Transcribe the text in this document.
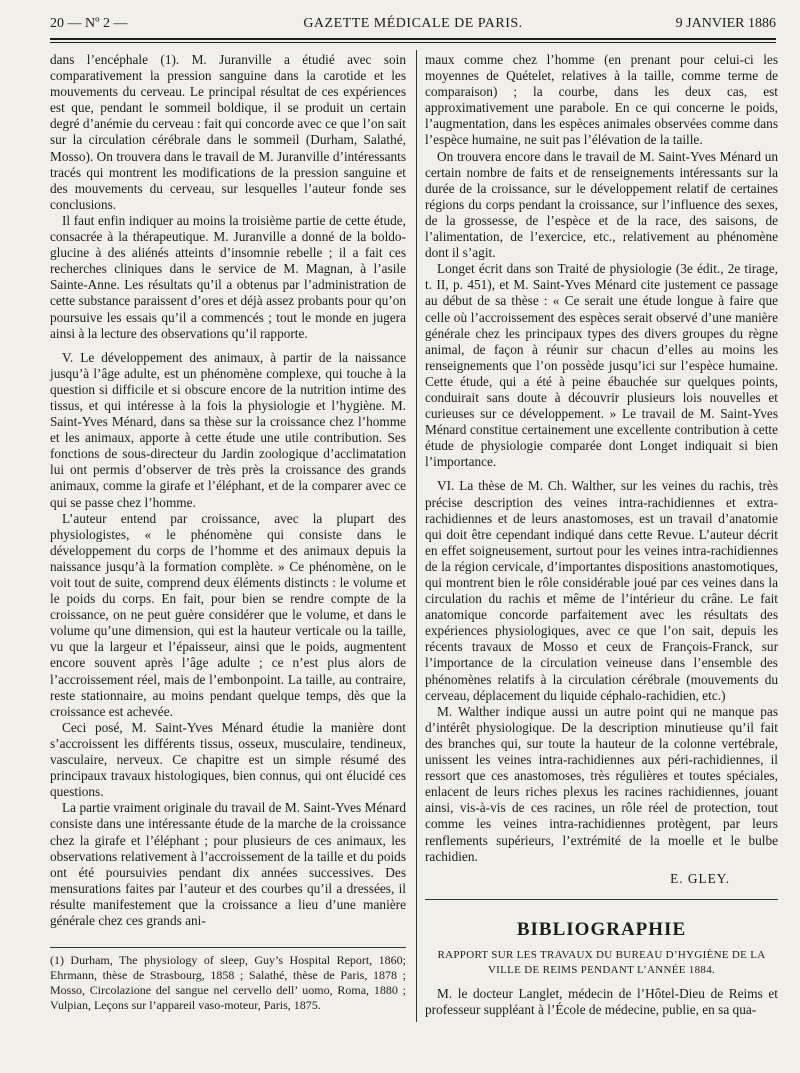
20 — Nº 2 —	GAZETTE MÉDICALE DE PARIS.	9 JANVIER 1886

dans l’encéphale (1). M. Juranville a étudié avec soin comparativement la pression sanguine dans la carotide et les mouvements du cerveau. Le principal résultat de ces expériences est que, pendant le sommeil boldique, il se produit un certain degré d’anémie du cerveau : fait qui concorde avec ce que l’on sait sur la circulation cérébrale dans le sommeil (Durham, Salathé, Mosso). On trouvera dans le travail de M. Juranville d’intéressants tracés qui montrent les modifications de la pression sanguine et des mouvements du cerveau, sur lesquelles l’auteur fonde ses conclusions.

Il faut enfin indiquer au moins la troisième partie de cette étude, consacrée à la thérapeutique. M. Juranville a donné de la boldo-glucine à des aliénés atteints d’insomnie rebelle ; il a fait ces recherches cliniques dans le service de M. Magnan, à l’asile Sainte-Anne. Les résultats qu’il a obtenus par l’administration de cette substance paraissent d’ores et déjà assez probants pour qu’on poursuive les essais qu’il a commencés ; tout le monde en jugera ainsi à la lecture des observations qu’il rapporte.

V. Le développement des animaux, à partir de la naissance jusqu’à l’âge adulte, est un phénomène complexe, qui touche à la question si difficile et si obscure encore de la nutrition intime des tissus, et qui intéresse à la fois la physiologie et l’hygiène. M. Saint-Yves Ménard, dans sa thèse sur la croissance chez l’homme et les animaux, apporte à cette étude une utile contribution. Ses fonctions de sous-directeur du Jardin zoologique d’acclimatation lui ont permis d’observer de très près la croissance des grands animaux, comme la girafe et l’éléphant, et de la comparer avec ce qui se passe chez l’homme.

L’auteur entend par croissance, avec la plupart des physiologistes, « le phénomène qui consiste dans le développement du corps de l’homme et des animaux depuis la naissance jusqu’à la formation complète. » Ce phénomène, on le voit tout de suite, comprend deux éléments distincts : le volume et le poids du corps. En fait, pour bien se rendre compte de la croissance, on ne peut guère considérer que le volume, et dans le volume qu’une dimension, qui est la hauteur verticale ou la taille, vu que la largeur et l’épaisseur, ainsi que le poids, augmentent encore souvent après l’âge adulte ; ce n’est plus alors de l’accroissement réel, mais de l’embonpoint. La taille, au contraire, reste stationnaire, au moins pendant quelque temps, dès que la croissance est achevée.

Ceci posé, M. Saint-Yves Ménard étudie la manière dont s’accroissent les différents tissus, osseux, musculaire, tendineux, vasculaire, nerveux. Ce chapitre est un simple résumé des principaux travaux histologiques, bien connus, qui ont élucidé ces questions.

La partie vraiment originale du travail de M. Saint-Yves Ménard consiste dans une intéressante étude de la marche de la croissance chez la girafe et l’éléphant ; pour plusieurs de ces animaux, les observations relativement à l’accroissement de la taille et du poids ont été poursuivies pendant dix années successives. Des mensurations faites par l’auteur et des courbes qu’il a dressées, il résulte manifestement que la croissance a lieu d’une manière générale chez ces grands ani-

(1) Durham, The physiology of sleep, Guy’s Hospital Report, 1860; Ehrmann, thèse de Strasbourg, 1858 ; Salathé, thèse de Paris, 1878 ; Mosso, Circolazione del sangue nel cervello dell’ uomo, Roma, 1880 ; Vulpian, Leçons sur l’appareil vaso-moteur, Paris, 1875.

maux comme chez l’homme (en prenant pour celui-ci les moyennes de Quételet, relatives à la taille, comme terme de comparaison) ; la courbe, dans les deux cas, est approximativement une parabole. En ce qui concerne le poids, l’augmentation, dans les espèces animales observées comme dans l’espèce humaine, ne suit pas l’élévation de la taille.

On trouvera encore dans le travail de M. Saint-Yves Ménard un certain nombre de faits et de renseignements intéressants sur la durée de la croissance, sur le développement relatif de certaines régions du corps pendant la croissance, sur l’influence des sexes, de la grossesse, de l’espèce et de la race, des saisons, de l’alimentation, de l’exercice, etc., relativement au phénomène dont il s’agit.

Longet écrit dans son Traité de physiologie (3e édit., 2e tirage, t. II, p. 451), et M. Saint-Yves Ménard cite justement ce passage au début de sa thèse : « Ce serait une étude longue à faire que celle où l’accroissement des espèces serait observé d’une manière générale chez les principaux types des divers groupes du règne animal, de façon à réunir sur chacun d’elles au moins les renseignements que l’on possède jusqu’ici sur l’espèce humaine. Cette étude, qui a été à peine ébauchée sur quelques points, conduirait sans doute à découvrir plusieurs lois nouvelles et curieuses sur ce développement. » Le travail de M. Saint-Yves Ménard constitue certainement une excellente contribution à cette étude de physiologie comparée dont Longet indiquait si bien l’importance.

VI. La thèse de M. Ch. Walther, sur les veines du rachis, très précise description des veines intra-rachidiennes et extra-rachidiennes et de leurs anastomoses, est un travail d’anatomie qui doit être cependant indiqué dans cette Revue. L’auteur décrit en effet soigneusement, surtout pour les veines intra-rachidiennes de la région cervicale, d’importantes dispositions anastomotiques, qui montrent bien le rôle considérable joué par ces veines dans la circulation du rachis et même de l’intérieur du crâne. Le fait anatomique concorde parfaitement avec les résultats des expériences physiologiques, avec ce que l’on sait, depuis les récents travaux de Mosso et ceux de François-Franck, sur l’importance de la circulation veineuse dans l’ensemble des phénomènes relatifs à la circulation cérébrale (mouvements du cerveau, déplacement du liquide céphalo-rachidien, etc.)

M. Walther indique aussi un autre point qui ne manque pas d’intérêt physiologique. De la description minutieuse qu’il fait des branches qui, sur toute la hauteur de la colonne vertébrale, unissent les veines intra-rachidiennes aux péri-rachidiennes, il ressort que ces anastomoses, très régulières et toutes spéciales, enlacent de leurs riches plexus les racines rachidiennes, jouant ainsi, vis-à-vis de ces racines, un rôle réel de protection, tout comme les veines intra-rachidiennes protègent, par leurs renflements supérieurs, l’extrémité de la moelle et le bulbe rachidien.

E. GLEY.
BIBLIOGRAPHIE
RAPPORT SUR LES TRAVAUX DU BUREAU D’HYGIÈNE DE LA VILLE DE REIMS PENDANT L’ANNÉE 1884.

M. le docteur Langlet, médecin de l’Hôtel-Dieu de Reims et professeur suppléant à l’École de médecine, publie, en sa qua-
